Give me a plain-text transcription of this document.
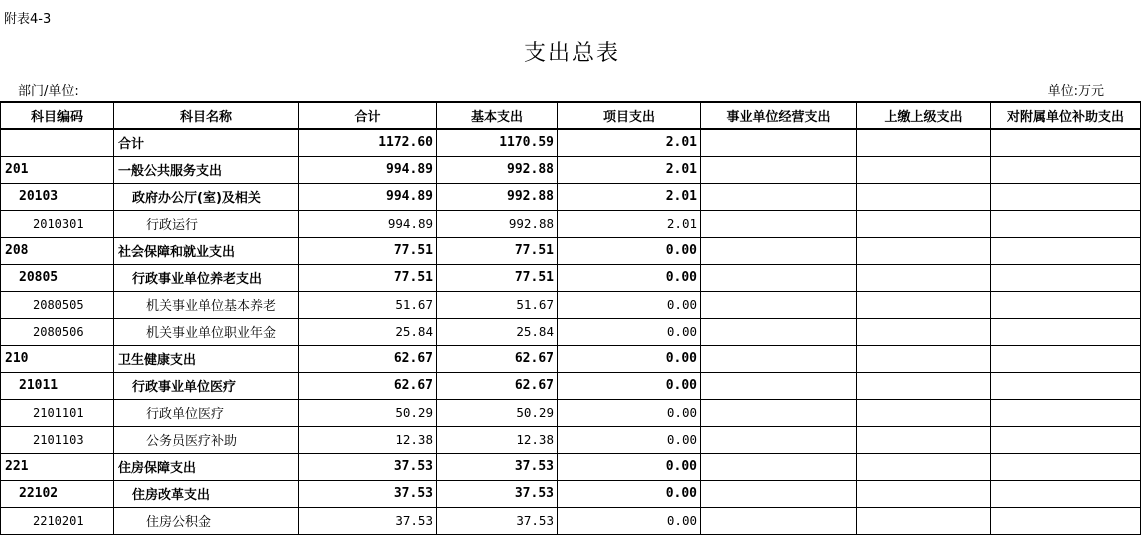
附表4-3
支出总表
部门/单位:	单位:万元
科目编码	科目名称	合计	基本支出	项目支出	事业单位经营支出	上缴上级支出	对附属单位补助支出
	合计	1172.60	1170.59	2.01			
201	一般公共服务支出	994.89	992.88	2.01			
20103	政府办公厅(室)及相关	994.89	992.88	2.01			
2010301	行政运行	994.89	992.88	2.01			
208	社会保障和就业支出	77.51	77.51	0.00			
20805	行政事业单位养老支出	77.51	77.51	0.00			
2080505	机关事业单位基本养老	51.67	51.67	0.00			
2080506	机关事业单位职业年金	25.84	25.84	0.00			
210	卫生健康支出	62.67	62.67	0.00			
21011	行政事业单位医疗	62.67	62.67	0.00			
2101101	行政单位医疗	50.29	50.29	0.00			
2101103	公务员医疗补助	12.38	12.38	0.00			
221	住房保障支出	37.53	37.53	0.00			
22102	住房改革支出	37.53	37.53	0.00			
2210201	住房公积金	37.53	37.53	0.00			
